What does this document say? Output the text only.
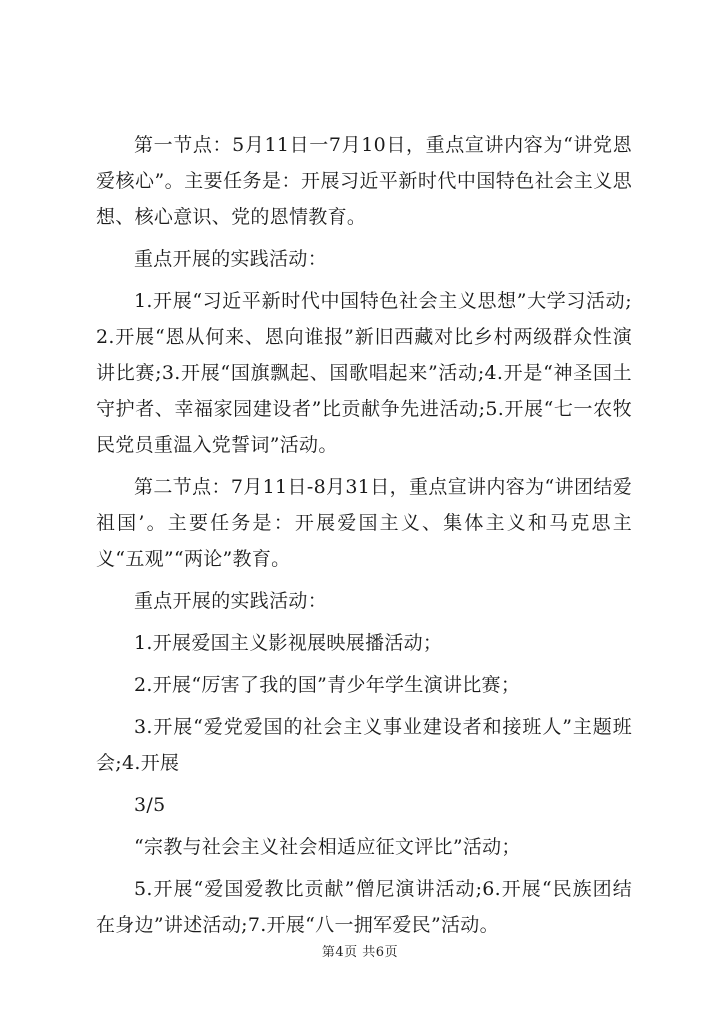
第一节点：5月11日一7月10日，重点宣讲内容为“讲党恩爱核心”。主要任务是：开展习近平新时代中国特色社会主义思想、核心意识、党的恩情教育。

重点开展的实践活动：

1.开展“习近平新时代中国特色社会主义思想”大学习活动;2.开展“恩从何来、恩向谁报”新旧西藏对比乡村两级群众性演讲比赛;3.开展“国旗飘起、国歌唱起来”活动;4.开是“神圣国土守护者、幸福家园建设者”比贡献争先进活动;5.开展“七一农牧民党员重温入党誓词”活动。

第二节点：7月11日-8月31日，重点宣讲内容为“讲团结爱祖国’。主要任务是：开展爱国主义、集体主义和马克思主义“五观”“两论”教育。

重点开展的实践活动：

1.开展爱国主义影视展映展播活动；

2.开展“厉害了我的国”青少年学生演讲比赛；

3.开展“爱党爱国的社会主义事业建设者和接班人”主题班会;4.开展

3/5

“宗教与社会主义社会相适应征文评比”活动；

5.开展“爱国爱教比贡献”僧尼演讲活动;6.开展“民族团结在身边”讲述活动;7.开展“八一拥军爱民”活动。

第4页 共6页
